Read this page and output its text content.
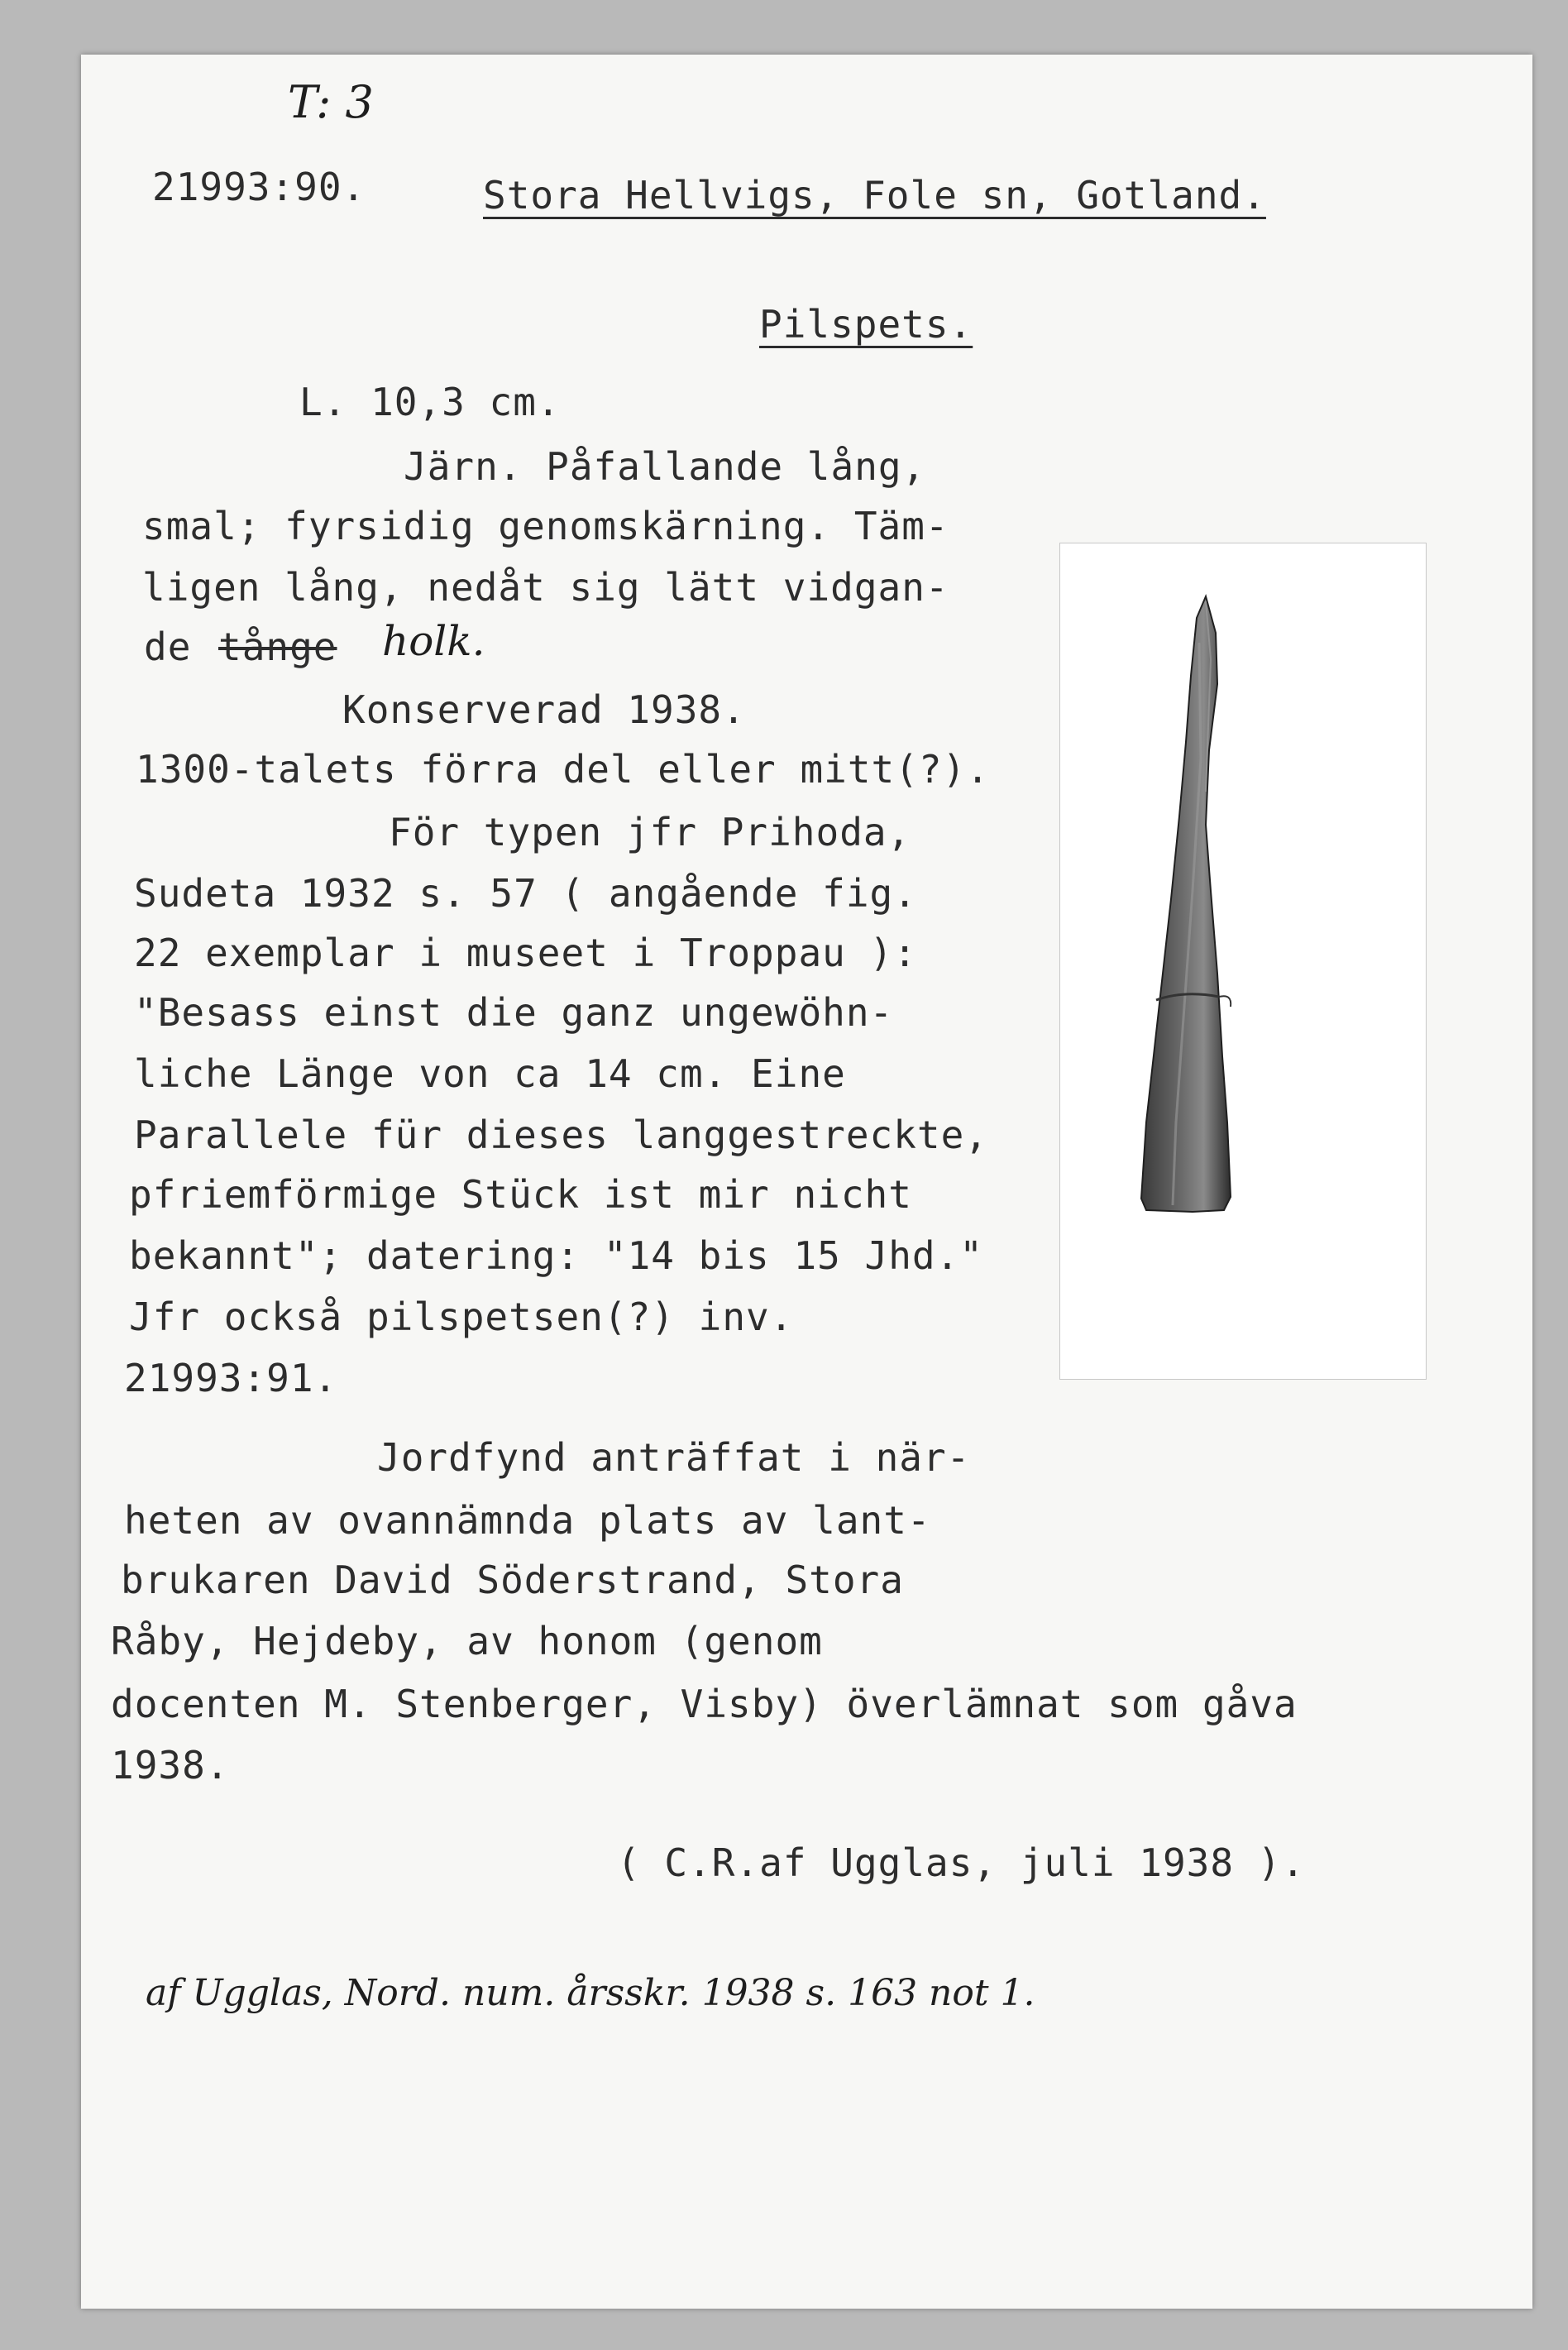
T: 3
21993:90.	Stora Hellvigs, Fole sn, Gotland.
Pilspets.
L. 10,3 cm.
Järn. Påfallande lång,
smal; fyrsidig genomskärning. Täm-
ligen lång, nedåt sig lätt vidgan-
de tånge holk.
Konserverad 1938.
1300-talets förra del eller mitt(?).
För typen jfr Prihoda,
Sudeta 1932 s. 57 ( angående fig.
22 exemplar i museet i Troppau ):
"Besass einst die ganz ungewöhn-
liche Länge von ca 14 cm. Eine
Parallele für dieses langgestreckte,
pfriemförmige Stück ist mir nicht
bekannt"; datering: "14 bis 15 Jhd."
Jfr också pilspetsen(?) inv.
21993:91.
Jordfynd anträffat i när-
heten av ovannämnda plats av lant-
brukaren David Söderstrand, Stora
Råby, Hejdeby, av honom (genom
docenten M. Stenberger, Visby) överlämnat som gåva
1938.
( C.R.af Ugglas, juli 1938 ).
af Ugglas, Nord. num. årsskr. 1938 s. 163 not 1.
